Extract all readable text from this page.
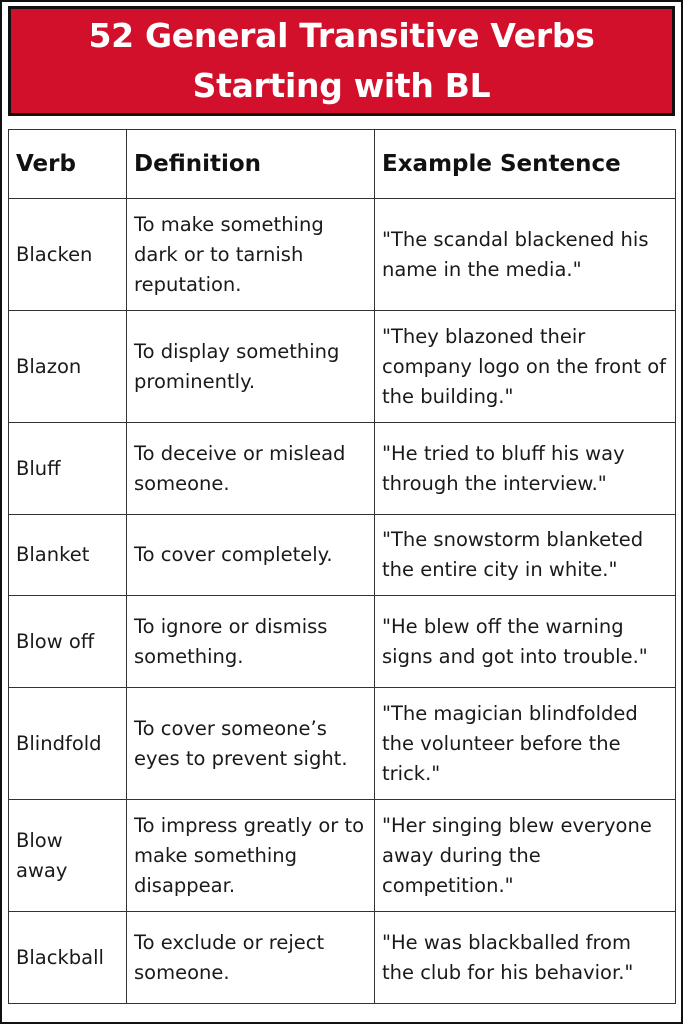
52 General Transitive Verbs
Starting with BL
Verb	Definition	Example Sentence
Blacken	To make something dark or to tarnish reputation.	"The scandal blackened his name in the media."
Blazon	To display something prominently.	"They blazoned their company logo on the front of the building."
Bluff	To deceive or mislead someone.	"He tried to bluff his way through the interview."
Blanket	To cover completely.	"The snowstorm blanketed the entire city in white."
Blow off	To ignore or dismiss something.	"He blew off the warning signs and got into trouble."
Blindfold	To cover someone’s eyes to prevent sight.	"The magician blindfolded the volunteer before the trick."
Blow away	To impress greatly or to make something disappear.	"Her singing blew everyone away during the competition."
Blackball	To exclude or reject someone.	"He was blackballed from the club for his behavior."
